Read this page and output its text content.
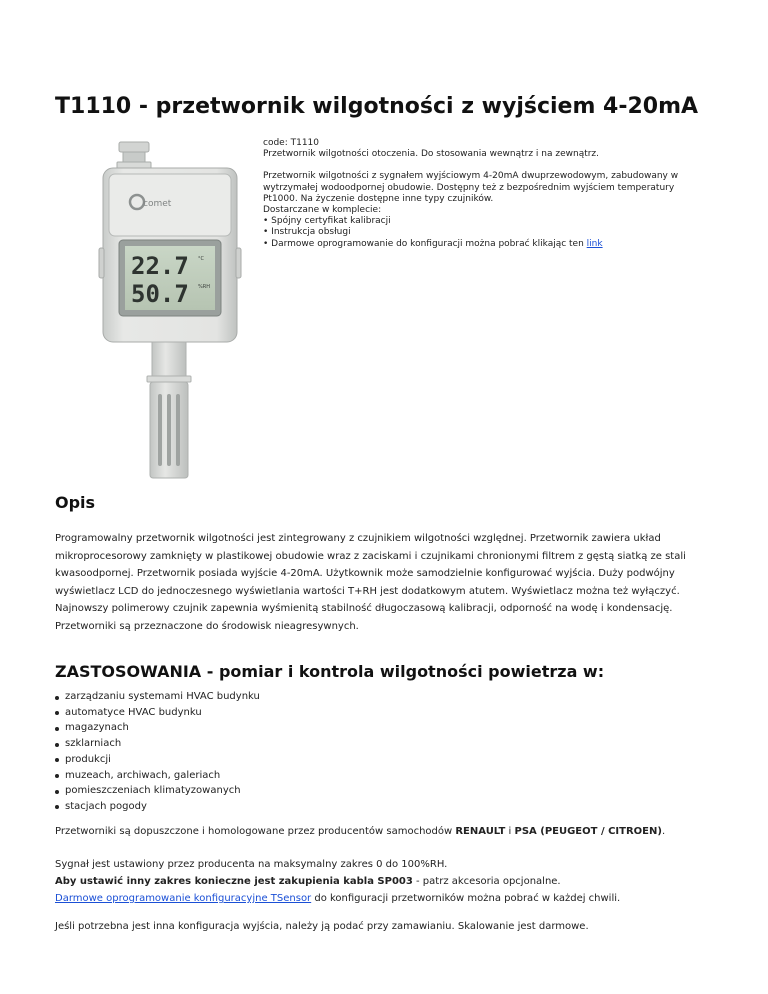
T1110 - przetwornik wilgotności z wyjściem 4-20mA
comet
22.7 °C
50.7 %RH

code: T1110

Przetwornik wilgotności otoczenia. Do stosowania wewnątrz i na zewnątrz.

Przetwornik wilgotności z sygnałem wyjściowym 4-20mA dwuprzewodowym, zabudowany w

wytrzymałej wodoodpornej obudowie. Dostępny też z bezpośrednim wyjściem temperatury

Pt1000. Na życzenie dostępne inne typy czujników.

Dostarczane w komplecie:

• Spójny certyfikat kalibracji

• Instrukcja obsługi

• Darmowe oprogramowanie do konfiguracji można pobrać klikając ten link

Opis

Programowalny przetwornik wilgotności jest zintegrowany z czujnikiem wilgotności względnej. Przetwornik zawiera układ mikroprocesorowy zamknięty w plastikowej obudowie wraz z zaciskami i czujnikami chronionymi filtrem z gęstą siatką ze stali kwasoodpornej. Przetwornik posiada wyjście 4-20mA. Użytkownik może samodzielnie konfigurować wyjścia. Duży podwójny wyświetlacz LCD do jednoczesnego wyświetlania wartości T+RH jest dodatkowym atutem. Wyświetlacz można też wyłączyć. Najnowszy polimerowy czujnik zapewnia wyśmienitą stabilność długoczasową kalibracji, odporność na wodę i kondensację. Przetworniki są przeznaczone do środowisk nieagresywnych.

ZASTOSOWANIA - pomiar i kontrola wilgotności powietrza w:
zarządzaniu systemami HVAC budynku
automatyce HVAC budynku
magazynach
szklarniach
produkcji
muzeach, archiwach, galeriach
pomieszczeniach klimatyzowanych
stacjach pogody

Przetworniki są dopuszczone i homologowane przez producentów samochodów RENAULT i PSA (PEUGEOT / CITROEN).

Sygnał jest ustawiony przez producenta na maksymalny zakres 0 do 100%RH.
Aby ustawić inny zakres konieczne jest zakupienia kabla SP003 - patrz akcesoria opcjonalne.
Darmowe oprogramowanie konfiguracyjne TSensor do konfiguracji przetworników można pobrać w każdej chwili.

Jeśli potrzebna jest inna konfiguracja wyjścia, należy ją podać przy zamawianiu. Skalowanie jest darmowe.
